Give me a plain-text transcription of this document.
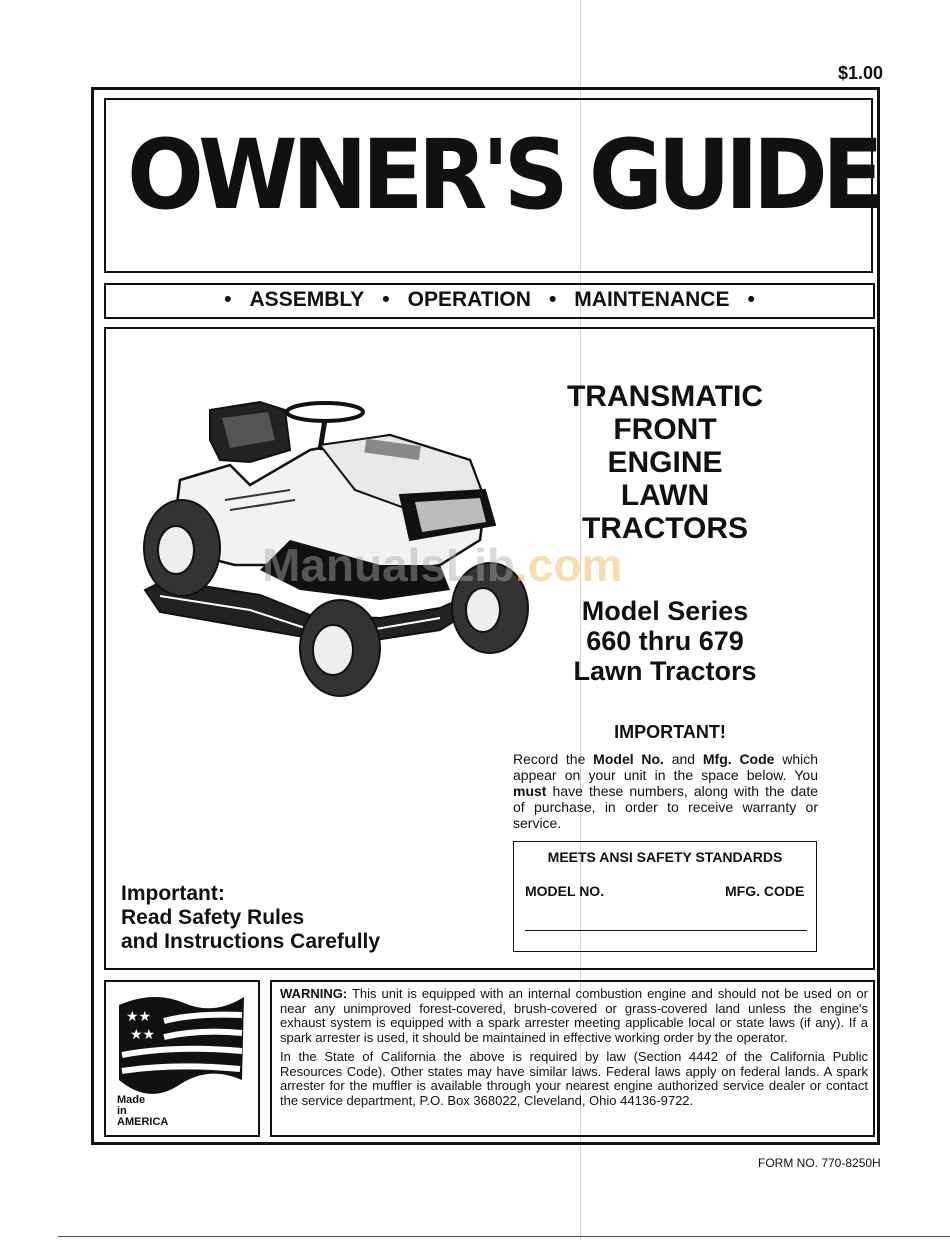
$1.00
OWNER'S GUIDE
• ASSEMBLY • OPERATION • MAINTENANCE •
TRANSMATIC
FRONT
ENGINE
LAWN
TRACTORS
ManualsLib.com
Model Series
660 thru 679
Lawn Tractors
IMPORTANT!
Record the Model No. and Mfg. Code which appear on your unit in the space below. You must have these numbers, along with the date of purchase, in order to receive warranty or service.
MEETS ANSI SAFETY STANDARDS
MODEL NO.	MFG. CODE
Important:
Read Safety Rules
and Instructions Carefully
★★
★★
Made
in
AMERICA

WARNING: This unit is equipped with an internal combustion engine and should not be used on or near any unimproved forest-covered, brush-covered or grass-covered land unless the engine's exhaust system is equipped with a spark arrester meeting applicable local or state laws (if any). If a spark arrester is used, it should be maintained in effective working order by the operator.

In the State of California the above is required by law (Section 4442 of the California Public Resources Code). Other states may have similar laws. Federal laws apply on federal lands. A spark arrester for the muffler is available through your nearest engine authorized service dealer or contact the service department, P.O. Box 368022, Cleveland, Ohio 44136-9722.

FORM NO. 770-8250H
